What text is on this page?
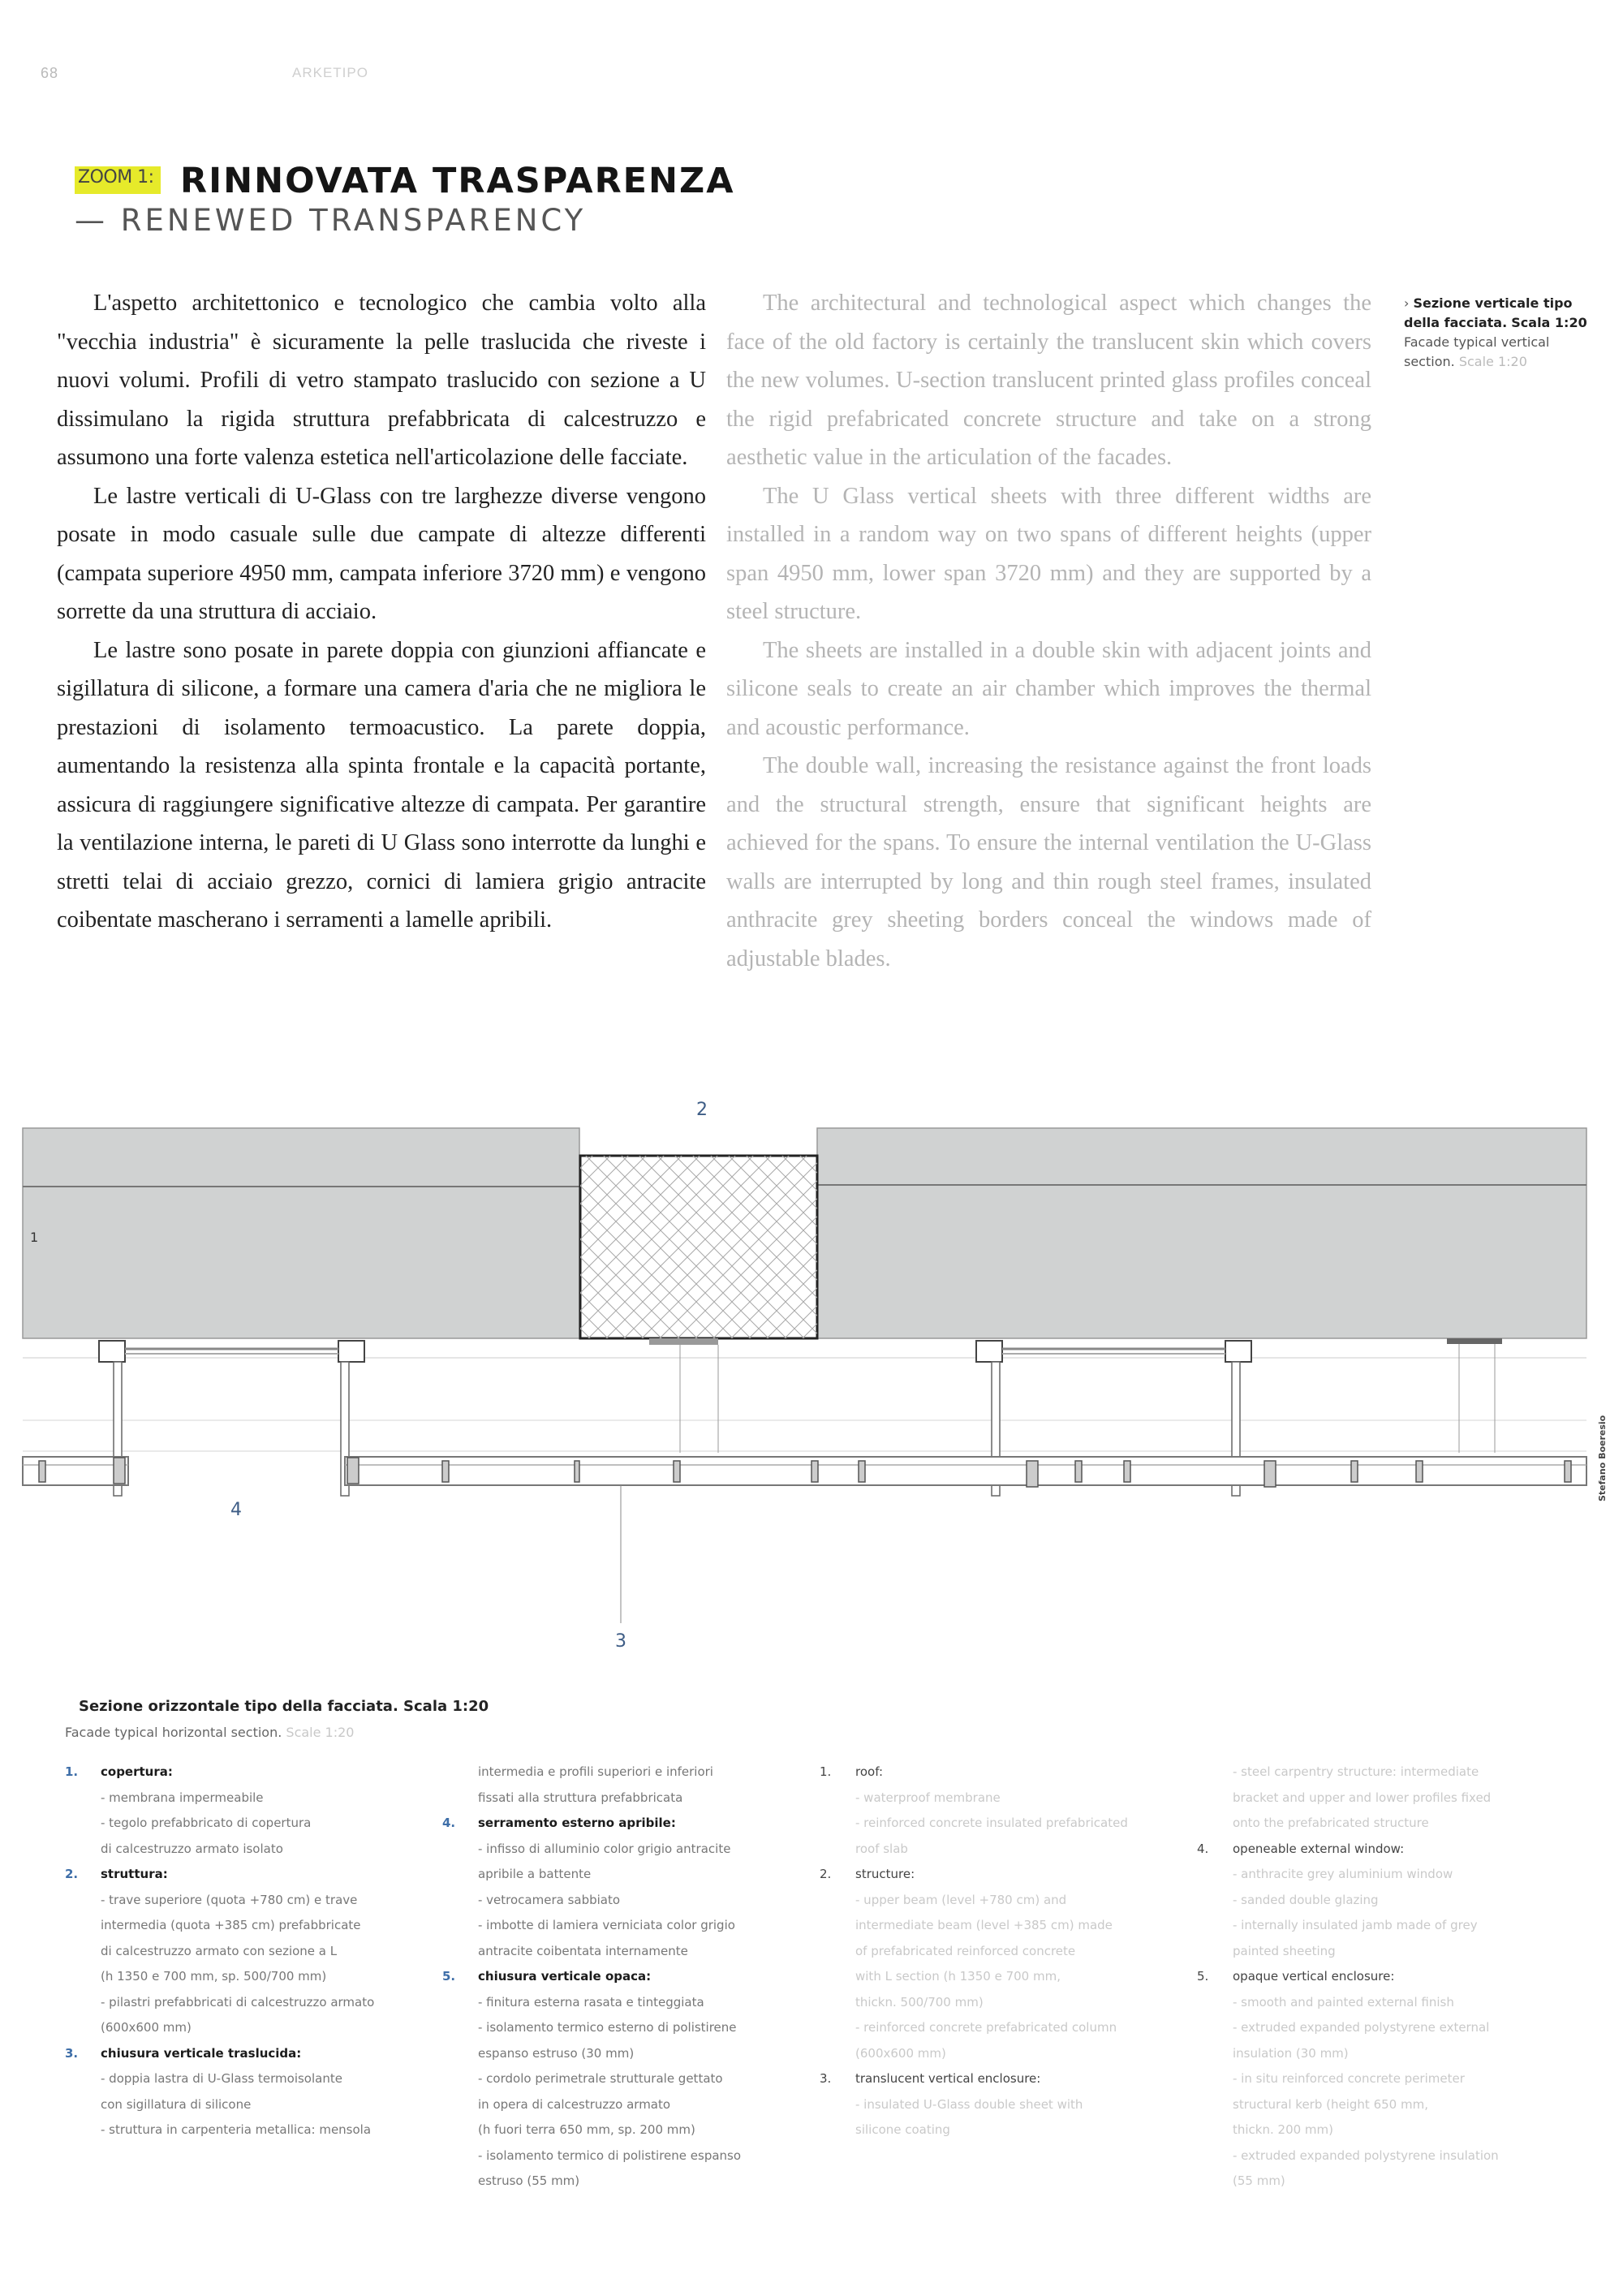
68	ARKETIPO
ZOOM 1: RINNOVATA TRASPARENZA
— RENEWED TRANSPARENCY

L'aspetto architettonico e tecnologico che cambia volto alla "vecchia industria" è sicuramente la pelle traslucida che riveste i nuovi volumi. Profili di vetro stampato traslucido con sezione a U dissimulano la rigida struttura prefabbricata di calcestruzzo e assumono una forte valenza estetica nell'articolazione delle facciate.

Le lastre verticali di U-Glass con tre larghezze diverse vengono posate in modo casuale sulle due campate di altezze differenti (campata superiore 4950 mm, campata inferiore 3720 mm) e vengono sorrette da una struttura di acciaio.

Le lastre sono posate in parete doppia con giunzioni affiancate e sigillatura di silicone, a formare una camera d'aria che ne migliora le prestazioni di isolamento termoacustico. La parete doppia, aumentando la resistenza alla spinta frontale e la capacità portante, assicura di raggiungere significative altezze di campata. Per garantire la ventilazione interna, le pareti di U Glass sono interrotte da lunghi e stretti telai di acciaio grezzo, cornici di lamiera grigio antracite coibentate mascherano i serramenti a lamelle apribili.

The architectural and technological aspect which changes the face of the old factory is certainly the translucent skin which covers the new volumes. U-section translucent printed glass profiles conceal the rigid prefabricated concrete structure and take on a strong aesthetic value in the articulation of the facades.

The U Glass vertical sheets with three different widths are installed in a random way on two spans of different heights (upper span 4950 mm, lower span 3720 mm) and they are supported by a steel structure.

The sheets are installed in a double skin with adjacent joints and silicone seals to create an air chamber which improves the thermal and acoustic performance.

The double wall, increasing the resistance against the front loads and the structural strength, ensure that significant heights are achieved for the spans. To ensure the internal ventilation the U-Glass walls are interrupted by long and thin rough steel frames, insulated anthracite grey sheeting borders conceal the windows made of adjustable blades.

› Sezione verticale tipo della facciata. Scala 1:20
Facade typical vertical section. Scale 1:20
1
2
3
4
Stefano Boeresio
Sezione orizzontale tipo della facciata. Scala 1:20
Facade typical horizontal section. Scale 1:20
1. copertura:
- membrana impermeabile
- tegolo prefabbricato di copertura
di calcestruzzo armato isolato
2. struttura:
- trave superiore (quota +780 cm) e trave
intermedia (quota +385 cm) prefabbricate
di calcestruzzo armato con sezione a L
(h 1350 e 700 mm, sp. 500/700 mm)
- pilastri prefabbricati di calcestruzzo armato
(600x600 mm)
3. chiusura verticale traslucida:
- doppia lastra di U-Glass termoisolante
con sigillatura di silicone
- struttura in carpenteria metallica: mensola
intermedia e profili superiori e inferiori
fissati alla struttura prefabbricata
4. serramento esterno apribile:
- infisso di alluminio color grigio antracite
apribile a battente
- vetrocamera sabbiato
- imbotte di lamiera verniciata color grigio
antracite coibentata internamente
5. chiusura verticale opaca:
- finitura esterna rasata e tinteggiata
- isolamento termico esterno di polistirene
espanso estruso (30 mm)
- cordolo perimetrale strutturale gettato
in opera di calcestruzzo armato
(h fuori terra 650 mm, sp. 200 mm)
- isolamento termico di polistirene espanso
estruso (55 mm)
1. roof:
- waterproof membrane
- reinforced concrete insulated prefabricated
roof slab
2. structure:
- upper beam (level +780 cm) and
intermediate beam (level +385 cm) made
of prefabricated reinforced concrete
with L section (h 1350 e 700 mm,
thickn. 500/700 mm)
- reinforced concrete prefabricated column
(600x600 mm)
3. translucent vertical enclosure:
- insulated U-Glass double sheet with
silicone coating
- steel carpentry structure: intermediate
bracket and upper and lower profiles fixed
onto the prefabricated structure
4. openeable external window:
- anthracite grey aluminium window
- sanded double glazing
- internally insulated jamb made of grey
painted sheeting
5. opaque vertical enclosure:
- smooth and painted external finish
- extruded expanded polystyrene external
insulation (30 mm)
- in situ reinforced concrete perimeter
structural kerb (height 650 mm,
thickn. 200 mm)
- extruded expanded polystyrene insulation
(55 mm)
